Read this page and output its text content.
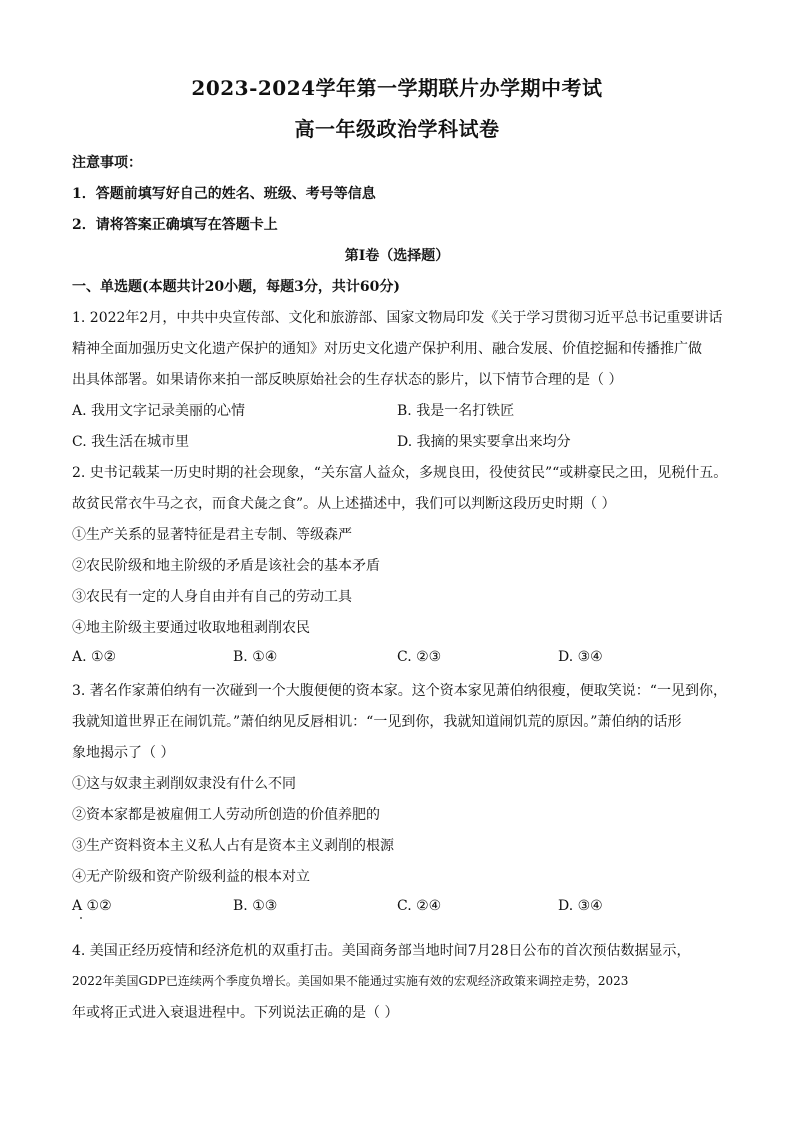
2023-2024学年第一学期联片办学期中考试
高一年级政治学科试卷
注意事项：
1．答题前填写好自己的姓名、班级、考号等信息
2．请将答案正确填写在答题卡上
第Ⅰ卷（选择题）
一、单选题(本题共计20小题，每题3分，共计60分)
1. 2022年2月，中共中央宣传部、文化和旅游部、国家文物局印发《关于学习贯彻习近平总书记重要讲话
精神全面加强历史文化遗产保护的通知》对历史文化遗产保护利用、融合发展、价值挖掘和传播推广做
出具体部署。如果请你来拍一部反映原始社会的生存状态的影片，以下情节合理的是（ ）
A. 我用文字记录美丽的心情	B. 我是一名打铁匠
C. 我生活在城市里	D. 我摘的果实要拿出来均分
2. 史书记载某一历史时期的社会现象，“关东富人益众，多规良田，役使贫民”“或耕豪民之田，见税什五。
故贫民常衣牛马之衣，而食犬彘之食”。从上述描述中，我们可以判断这段历史时期（ ）
①生产关系的显著特征是君主专制、等级森严
②农民阶级和地主阶级的矛盾是该社会的基本矛盾
③农民有一定的人身自由并有自己的劳动工具
④地主阶级主要通过收取地租剥削农民
A. ①②	B. ①④	C. ②③	D. ③④
3. 著名作家萧伯纳有一次碰到一个大腹便便的资本家。这个资本家见萧伯纳很瘦，便取笑说：“一见到你，
我就知道世界正在闹饥荒。”萧伯纳见反唇相讥：“一见到你，我就知道闹饥荒的原因。”萧伯纳的话形
象地揭示了（ ）
①这与奴隶主剥削奴隶没有什么不同
②资本家都是被雇佣工人劳动所创造的价值养肥的
③生产资料资本主义私人占有是资本主义剥削的根源
④无产阶级和资产阶级利益的根本对立
A ①②	B. ①③	C. ②④	D. ③④
4. 美国正经历疫情和经济危机的双重打击。美国商务部当地时间7月28日公布的首次预估数据显示，
2022年美国GDP已连续两个季度负增长。美国如果不能通过实施有效的宏观经济政策来调控走势，2023
年或将正式进入衰退进程中。下列说法正确的是（ ）
